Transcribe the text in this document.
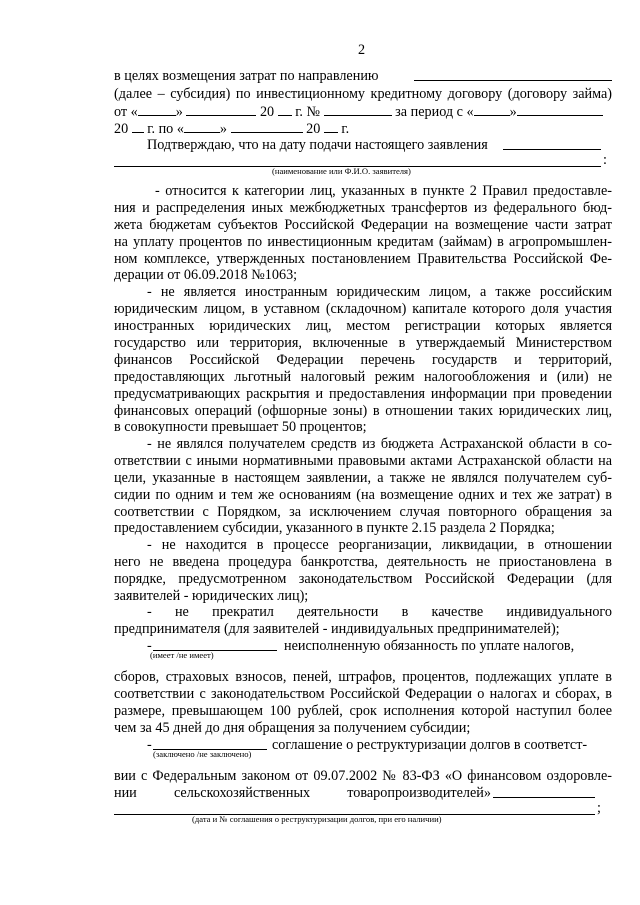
2
в целях возмещения затрат по направлению
(далее – субсидия) по инвестиционному кредитному договору (договору займа)
от «	»	20 г. №	за период с «	»
20 г. по «	»	20 г.
Подтверждаю, что на дату подачи настоящего заявления
:
(наименование или Ф.И.О. заявителя)
- относится к категории лиц, указанных в пункте 2 Правил предоставле-
ния и распределения иных межбюджетных трансфертов из федерального бюд-
жета бюджетам субъектов Российской Федерации на возмещение части затрат
на уплату процентов по инвестиционным кредитам (займам) в агропромышлен-
ном комплексе, утвержденных постановлением Правительства Российской Фе-
дерации от 06.09.2018 №1063;
- не является иностранным юридическим лицом, а также российским
юридическим лицом, в уставном (складочном) капитале которого доля участия
иностранных юридических лиц, местом регистрации которых является
государство или территория, включенные в утверждаемый Министерством
финансов Российской Федерации перечень государств и территорий,
предоставляющих льготный налоговый режим налогообложения и (или) не
предусматривающих раскрытия и предоставления информации при проведении
финансовых операций (офшорные зоны) в отношении таких юридических лиц,
в совокупности превышает 50 процентов;
- не являлся получателем средств из бюджета Астраханской области в со-
ответствии с иными нормативными правовыми актами Астраханской области на
цели, указанные в настоящем заявлении, а также не являлся получателем суб-
сидии по одним и тем же основаниям (на возмещение одних и тех же затрат) в
соответствии с Порядком, за исключением случая повторного обращения за
предоставлением субсидии, указанного в пункте 2.15 раздела 2 Порядка;
- не находится в процессе реорганизации, ликвидации, в отношении
него не введена процедура банкротства, деятельность не приостановлена в
порядке, предусмотренном законодательством Российской Федерации (для
заявителей - юридических лиц);
- не прекратил деятельности в качестве индивидуального
предпринимателя (для заявителей - индивидуальных предпринимателей);
-	неисполненную обязанность по уплате налогов,
(имеет /не имеет)
сборов, страховых взносов, пеней, штрафов, процентов, подлежащих уплате в
соответствии с законодательством Российской Федерации о налогах и сборах, в
размере, превышающем 100 рублей, срок исполнения которой наступил более
чем за 45 дней до дня обращения за получением субсидии;
-	соглашение о реструктуризации долгов в соответст-
(заключено /не заключено)
вии с Федеральным законом от 09.07.2002 № 83-ФЗ «О финансовом оздоровле-
нии сельскохозяйственных товаропроизводителей»
;
(дата и № соглашения о реструктуризации долгов, при его наличии)
